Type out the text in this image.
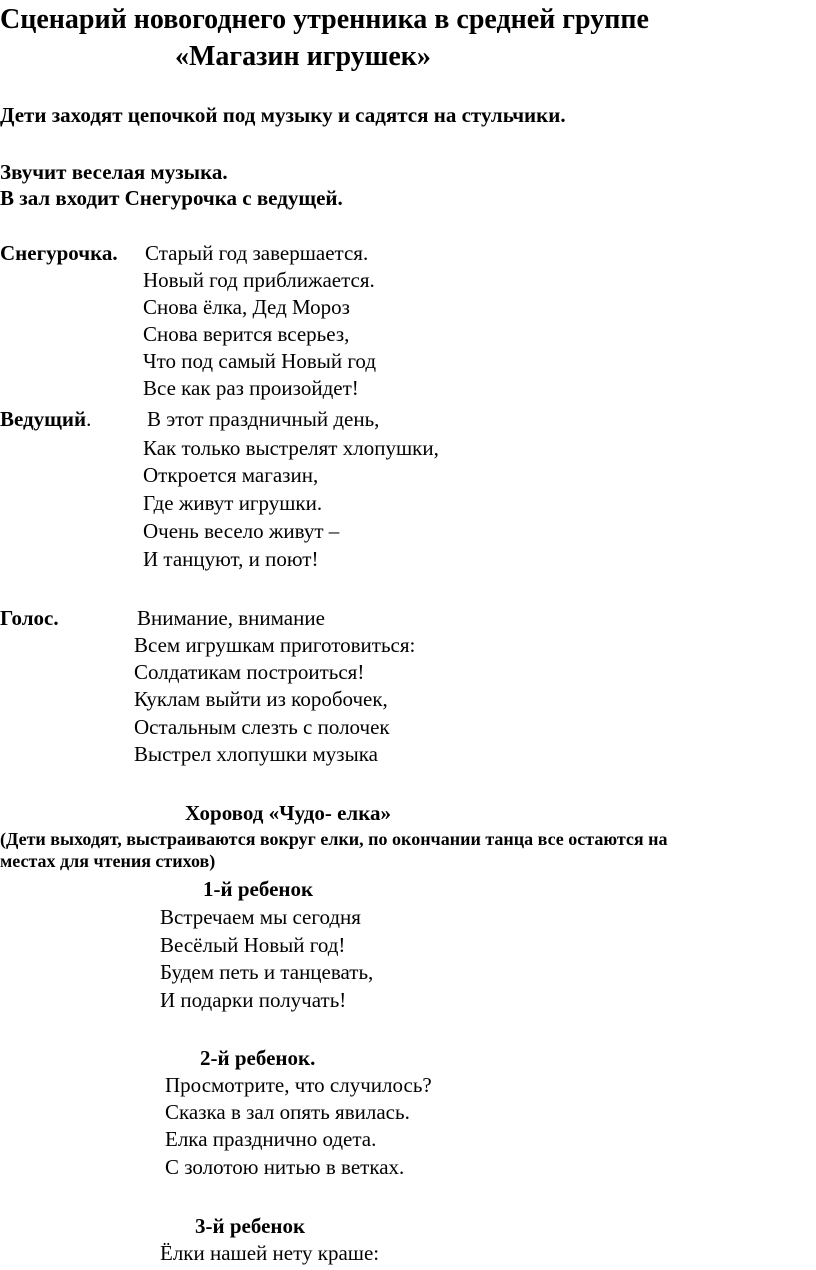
Сценарий новогоднего утренника в средней группе
«Магазин игрушек»
Дети заходят цепочкой под музыку и садятся на стульчики.
Звучит веселая музыка.
В зал входит Снегурочка с ведущей.
Снегурочка. Старый год завершается.
Новый год приближается.
Снова ёлка, Дед Мороз
Снова верится всерьез,
Что под самый Новый год
Все как раз произойдет!
Ведущий.	В этот праздничный день,
Как только выстрелят хлопушки,
Откроется магазин,
Где живут игрушки.
Очень весело живут –
И танцуют, и поют!
Голос.	Внимание, внимание
Всем игрушкам приготовиться:
Солдатикам построиться!
Куклам выйти из коробочек,
Остальным слезть с полочек
Выстрел хлопушки музыка
Хоровод «Чудо- елка»
(Дети выходят, выстраиваются вокруг елки, по окончании танца все остаются на
местах для чтения стихов)
1-й ребенок
Встречаем мы сегодня
Весёлый Новый год!
Будем петь и танцевать,
И подарки получать!
2-й ребенок.
Просмотрите, что случилось?
Сказка в зал опять явилась.
Елка празднично одета.
С золотою нитью в ветках.
3-й ребенок
Ёлки нашей нету краше:
